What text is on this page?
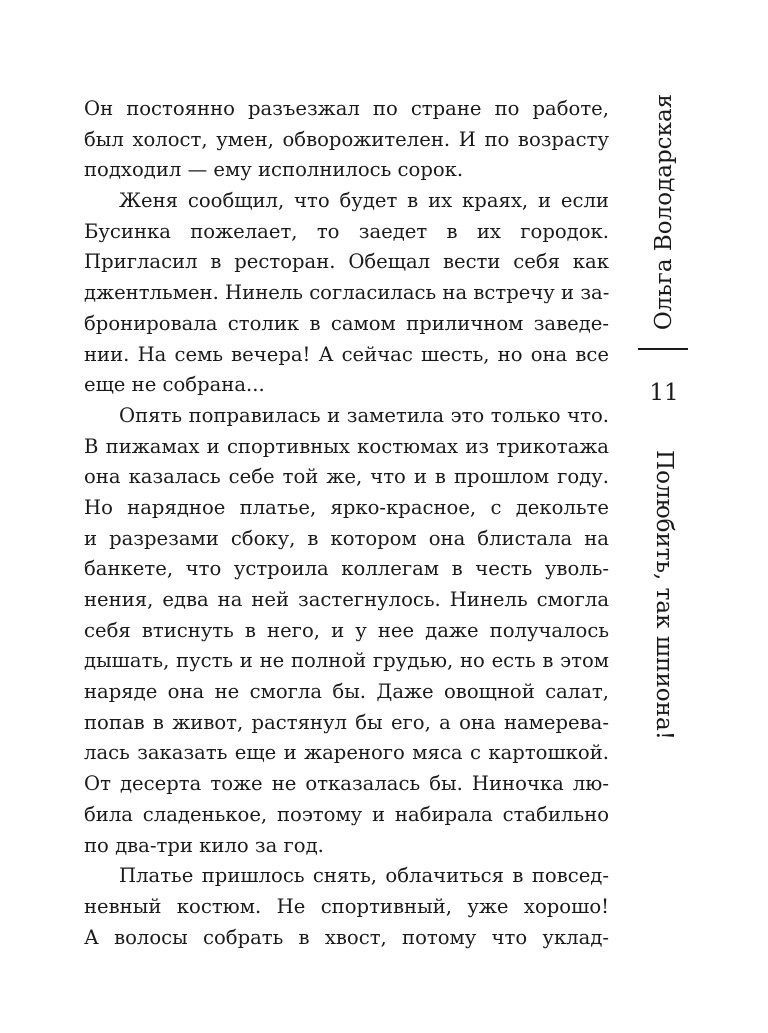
Он постоянно разъезжал по стране по работе,
был холост, умен, обворожителен. И по возрасту
подходил — ему исполнилось сорок.
Женя сообщил, что будет в их краях, и если
Бусинка пожелает, то заедет в их городок.
Пригласил в ресторан. Обещал вести себя как
джентльмен. Нинель согласилась на встречу и за-
бронировала столик в самом приличном заведе-
нии. На семь вечера! А сейчас шесть, но она все
еще не собрана...
Опять поправилась и заметила это только что.
В пижамах и спортивных костюмах из трикотажа
она казалась себе той же, что и в прошлом году.
Но нарядное платье, ярко-красное, с декольте
и разрезами сбоку, в котором она блистала на
банкете, что устроила коллегам в честь уволь-
нения, едва на ней застегнулось. Нинель смогла
себя втиснуть в него, и у нее даже получалось
дышать, пусть и не полной грудью, но есть в этом
наряде она не смогла бы. Даже овощной салат,
попав в живот, растянул бы его, а она намерева-
лась заказать еще и жареного мяса с картошкой.
От десерта тоже не отказалась бы. Ниночка лю-
била сладенькое, поэтому и набирала стабильно
по два-три кило за год.
Платье пришлось снять, облачиться в повсед-
невный костюм. Не спортивный, уже хорошо!
А волосы собрать в хвост, потому что уклад-
Ольга Володарская
11
Полюбить, так шпиона!
